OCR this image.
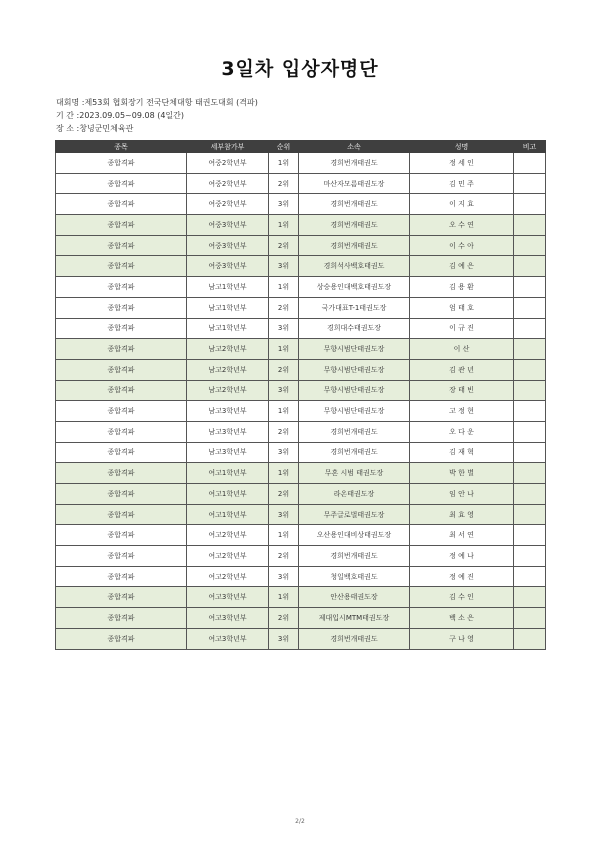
3일차 입상자명단
대회명 :제53회 협회장기 전국단체대항 태권도대회 (격파)
기 간 :2023.09.05~09.08 (4일간)
장 소 :창녕군민체육관
종목	세부참가부	순위	소속	성명	비고
종합격파	여중2학년부	1위	경희번개태권도	정 세 인	
종합격파	여중2학년부	2위	마산자모름태권도장	김 민 주	
종합격파	여중2학년부	3위	경희번개태권도	이 지 효	
종합격파	여중3학년부	1위	경희번개태권도	오 수 연	
종합격파	여중3학년부	2위	경희번개태권도	이 수 아	
종합격파	여중3학년부	3위	경희석사백호태권도	김 예 은	
종합격파	남고1학년부	1위	상승용인대백호태권도장	김 용 환	
종합격파	남고1학년부	2위	국가대표T-1태권도장	엄 태 호	
종합격파	남고1학년부	3위	경희대수태권도장	이 규 진	
종합격파	남고2학년부	1위	무향시범단태권도장	이 산	
종합격파	남고2학년부	2위	무향시범단태권도장	김 관 년	
종합격파	남고2학년부	3위	무향시범단태권도장	장 태 빈	
종합격파	남고3학년부	1위	무향시범단태권도장	고 정 현	
종합격파	남고3학년부	2위	경희번개태권도	오 다 운	
종합격파	남고3학년부	3위	경희번개태권도	김 재 혁	
종합격파	여고1학년부	1위	무혼 시범 태권도장	박 한 별	
종합격파	여고1학년부	2위	라온태권도장	임 안 나	
종합격파	여고1학년부	3위	무주글로벌태권도장	최 효 영	
종합격파	여고2학년부	1위	오산용인대비상태권도장	최 서 연	
종합격파	여고2학년부	2위	경희번개태권도	정 예 나	
종합격파	여고2학년부	3위	청일백호태권도	정 예 진	
종합격파	여고3학년부	1위	안산용태권도장	김 수 인	
종합격파	여고3학년부	2위	제대입시MTM태권도장	백 소 은	
종합격파	여고3학년부	3위	경희번개태권도	구 나 영	
2/2
